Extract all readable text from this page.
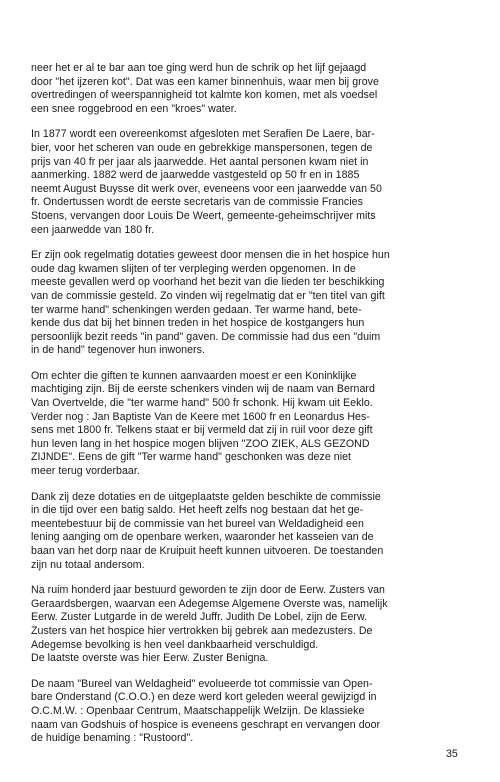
neer het er al te bar aan toe ging werd hun de schrik op het lijf gejaagd
door "het ijzeren kot". Dat was een kamer binnenhuis, waar men bij grove
overtredingen of weerspannigheid tot kalmte kon komen, met als voedsel
een snee roggebrood en een "kroes" water.
In 1877 wordt een overeenkomst afgesloten met Serafien De Laere, bar-
bier, voor het scheren van oude en gebrekkige manspersonen, tegen de
prijs van 40 fr per jaar als jaarwedde. Het aantal personen kwam niet in
aanmerking. 1882 werd de jaarwedde vastgesteld op 50 fr en in 1885
neemt August Buysse dit werk over, eveneens voor een jaarwedde van 50
fr. Ondertussen wordt de eerste secretaris van de commissie Francies
Stoens, vervangen door Louis De Weert, gemeente-geheimschrijver mits
een jaarwedde van 180 fr.
Er zijn ook regelmatig dotaties geweest door mensen die in het hospice hun
oude dag kwamen slijten of ter verpleging werden opgenomen. In de
meeste gevallen werd op voorhand het bezit van die lieden ter beschikking
van de commissie gesteld. Zo vinden wij regelmatig dat er "ten titel van gift
ter warme hand" schenkingen werden gedaan. Ter warme hand, bete-
kende dus dat bij het binnen treden in het hospice de kostgangers hun
persoonlijk bezit reeds "in pand" gaven. De commissie had dus een "duim
in de hand" tegenover hun inwoners.
Om echter die giften te kunnen aanvaarden moest er een Koninklijke
machtiging zijn. Bij de eerste schenkers vinden wij de naam van Bernard
Van Overtvelde, die "ter warme hand" 500 fr schonk. Hij kwam uit Eeklo.
Verder nog : Jan Baptiste Van de Keere met 1600 fr en Leonardus Hes-
sens met 1800 fr. Telkens staat er bij vermeld dat zij in ruil voor deze gift
hun leven lang in het hospice mogen blijven "ZOO ZIEK, ALS GEZOND
ZIJNDE". Eens de gift "Ter warme hand" geschonken was deze niet
meer terug vorderbaar.
Dank zij deze dotaties en de uitgeplaatste gelden beschikte de commissie
in die tijd over een batig saldo. Het heeft zelfs nog bestaan dat het ge-
meentebestuur bij de commissie van het bureel van Weldadigheid een
lening aanging om de openbare werken, waaronder het kasseien van de
baan van het dorp naar de Kruipuit heeft kunnen uitvoeren. De toestanden
zijn nu totaal andersom.
Na ruim honderd jaar bestuurd geworden te zijn door de Eerw. Zusters van
Geraardsbergen, waarvan een Adegemse Algemene Overste was, namelijk
Eerw. Zuster Lutgarde in de wereld Juffr. Judith De Lobel, zijn de Eerw.
Zusters van het hospice hier vertrokken bij gebrek aan medezusters. De
Adegemse bevolking is hen veel dankbaarheid verschuldigd.
De laatste overste was hier Eerw. Zuster Benigna.
De naam "Bureel van Weldagheid" evolueerde tot commissie van Open-
bare Onderstand (C.O.O.) en deze werd kort geleden weeral gewijzigd in
O.C.M.W. : Openbaar Centrum, Maatschappelijk Welzijn. De klassieke
naam van Godshuis of hospice is eveneens geschrapt en vervangen door
de huidige benaming : "Rustoord".
35
